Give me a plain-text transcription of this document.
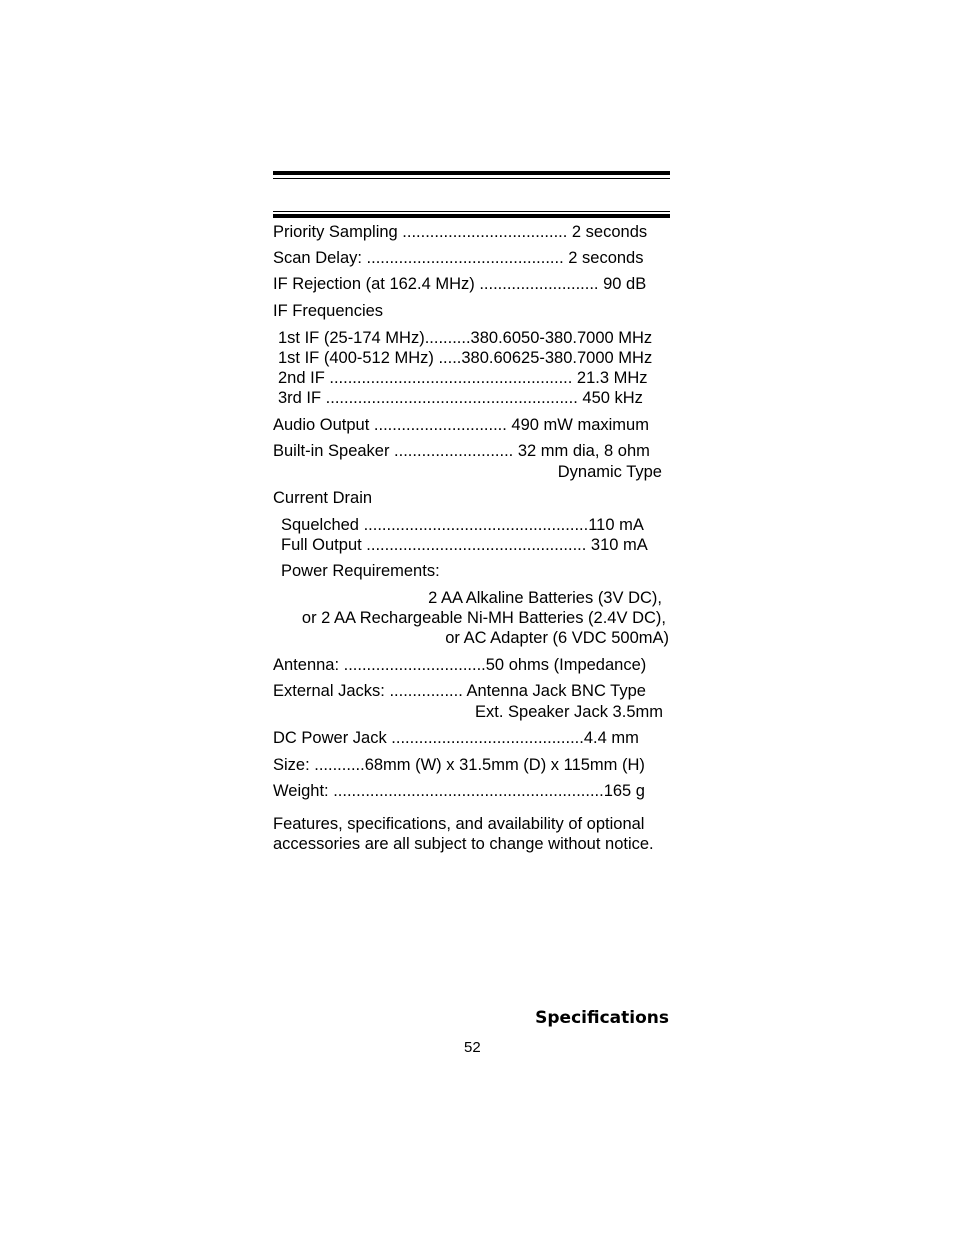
Priority Sampling .................................... 2 seconds
Scan Delay: ........................................... 2 seconds
IF Rejection (at 162.4 MHz) .......................... 90 dB
IF Frequencies
1st IF (25-174 MHz)..........380.6050-380.7000 MHz
1st IF (400-512 MHz) .....380.60625-380.7000 MHz
2nd IF ..................................................... 21.3 MHz
3rd IF ....................................................... 450 kHz
Audio Output ............................. 490 mW maximum
Built-in Speaker .......................... 32 mm dia, 8 ohm
Dynamic Type
Current Drain
Squelched .................................................110 mA
Full Output ................................................ 310 mA
Power Requirements:
2 AA Alkaline Batteries (3V DC),
or 2 AA Rechargeable Ni-MH Batteries (2.4V DC),
or AC Adapter (6 VDC 500mA)
Antenna: ...............................50 ohms (Impedance)
External Jacks: ................ Antenna Jack BNC Type
Ext. Speaker Jack 3.5mm
DC Power Jack ..........................................4.4 mm
Size: ...........68mm (W) x 31.5mm (D) x 115mm (H)
Weight: ...........................................................165 g
Features, specifications, and availability of optional
accessories are all subject to change without notice.
Specifications
52
